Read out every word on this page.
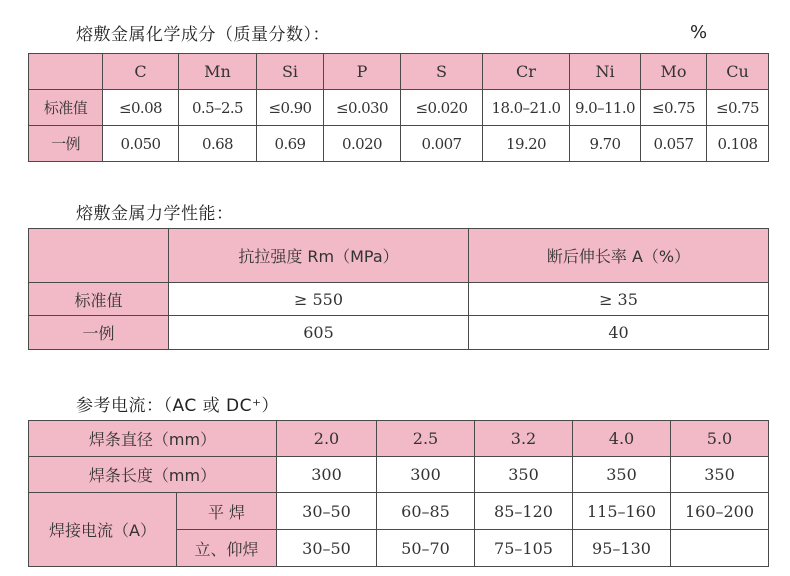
熔敷金属化学成分（质量分数）：	%
	C	Mn	Si	P	S	Cr	Ni	Mo	Cu
标准值	≤0.08	0.5–2.5	≤0.90	≤0.030	≤0.020	18.0–21.0	9.0–11.0	≤0.75	≤0.75
一例	0.050	0.68	0.69	0.020	0.007	19.20	9.70	0.057	0.108
熔敷金属力学性能：
	抗拉强度 Rm（MPa）	断后伸长率 A（%）
标准值	≥ 550	≥ 35
一例	605	40
参考电流：（AC 或 DC⁺）
焊条直径（mm）		2.0	2.5	3.2	4.0	5.0
焊条长度（mm）		300	300	350	350	350
焊接电流（A）	平 焊	30–50	60–85	85–120	115–160	160–200
	立、仰焊	30–50	50–70	75–105	95–130	
